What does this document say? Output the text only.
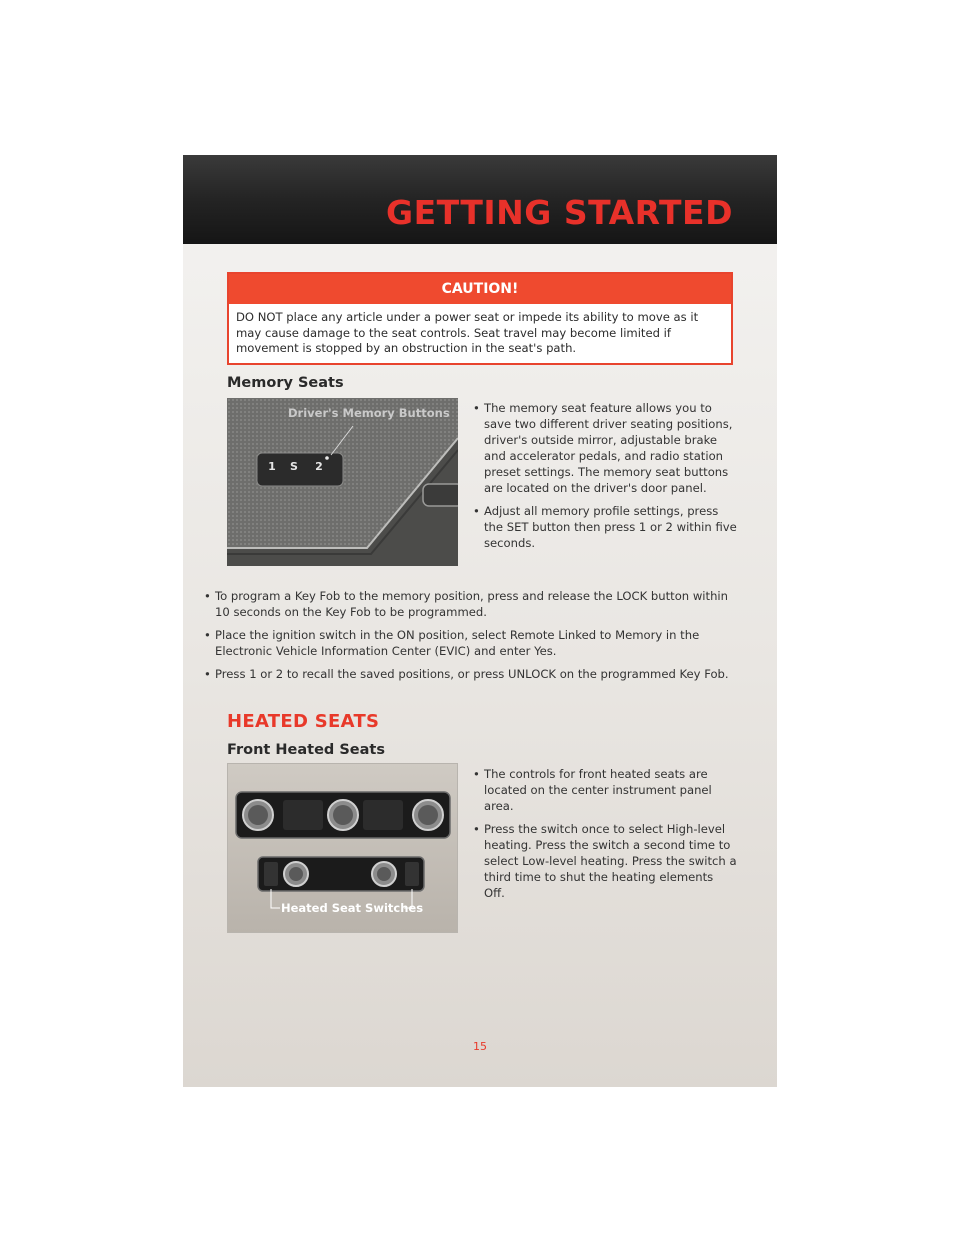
GETTING STARTED
CAUTION!
DO NOT place any article under a power seat or impede its ability to move as it may cause damage to the seat controls. Seat travel may become limited if movement is stopped by an obstruction in the seat's path.
Memory Seats
1	S	2
Driver's Memory Buttons • The memory seat feature allows you to save two different driver seating positions, driver's outside mirror, adjustable brake and accelerator pedals, and radio station preset settings. The memory seat buttons are located on the driver's door panel.
• Adjust all memory profile settings, press the SET button then press 1 or 2 within five seconds.
• To program a Key Fob to the memory position, press and release the LOCK button within 10 seconds on the Key Fob to be programmed.
• Place the ignition switch in the ON position, select Remote Linked to Memory in the Electronic Vehicle Information Center (EVIC) and enter Yes.
• Press 1 or 2 to recall the saved positions, or press UNLOCK on the programmed Key Fob.
HEATED SEATS
Front Heated Seats
Heated Seat Switches
• The controls for front heated seats are located on the center instrument panel area.
• Press the switch once to select High-level heating. Press the switch a second time to select Low-level heating. Press the switch a third time to shut the heating elements Off.
15
